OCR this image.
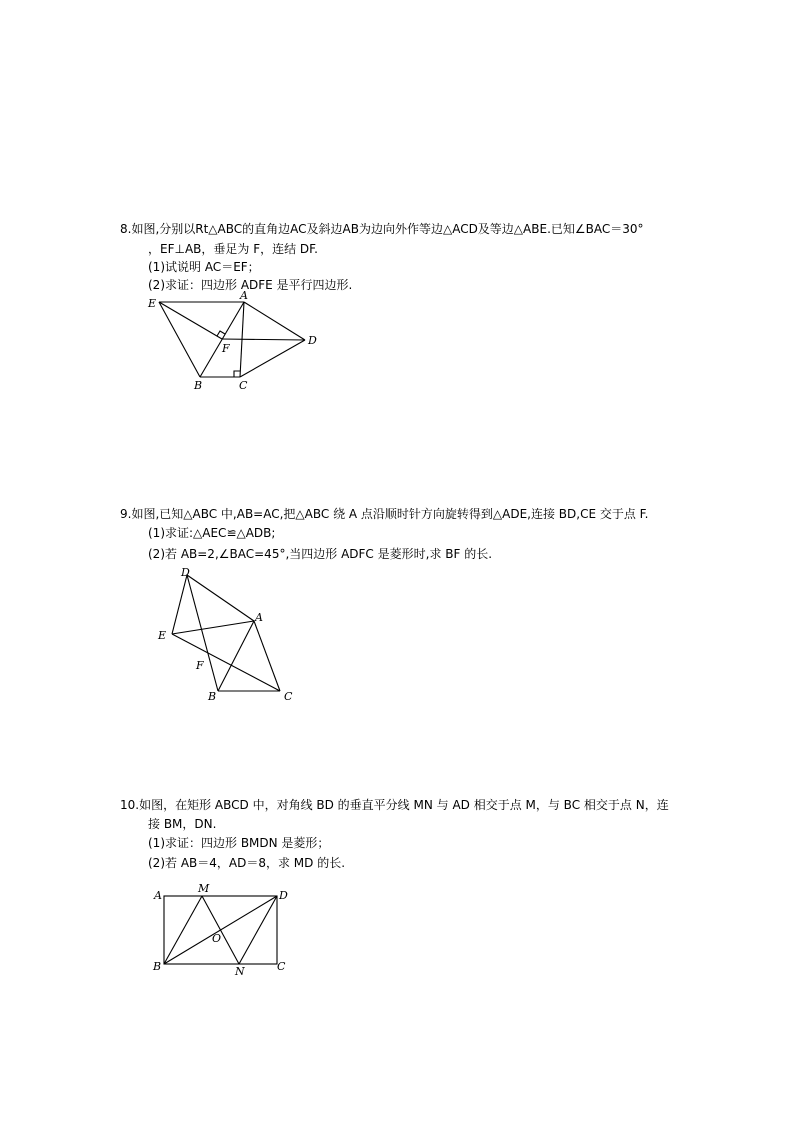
8.如图,分别以Rt△ABC的直角边AC及斜边AB为边向外作等边△ACD及等边△ABE.已知∠BAC＝30°
，EF⊥AB，垂足为 F，连结 DF.
(1)试说明 AC＝EF；
(2)求证：四边形 ADFE 是平行四边形.
E
A
D
F
B	C
9.如图,已知△ABC 中,AB=AC,把△ABC 绕 A 点沿顺时针方向旋转得到△ADE,连接 BD,CE 交于点 F.
(1)求证:△AEC≌△ADB;
(2)若 AB=2,∠BAC=45°,当四边形 ADFC 是菱形时,求 BF 的长.
D
A
E
F
B	C
10.如图，在矩形 ABCD 中，对角线 BD 的垂直平分线 MN 与 AD 相交于点 M，与 BC 相交于点 N，连
接 BM，DN.
(1)求证：四边形 BMDN 是菱形；
(2)若 AB＝4，AD＝8，求 MD 的长.
A
M
D
O
B	N	C
